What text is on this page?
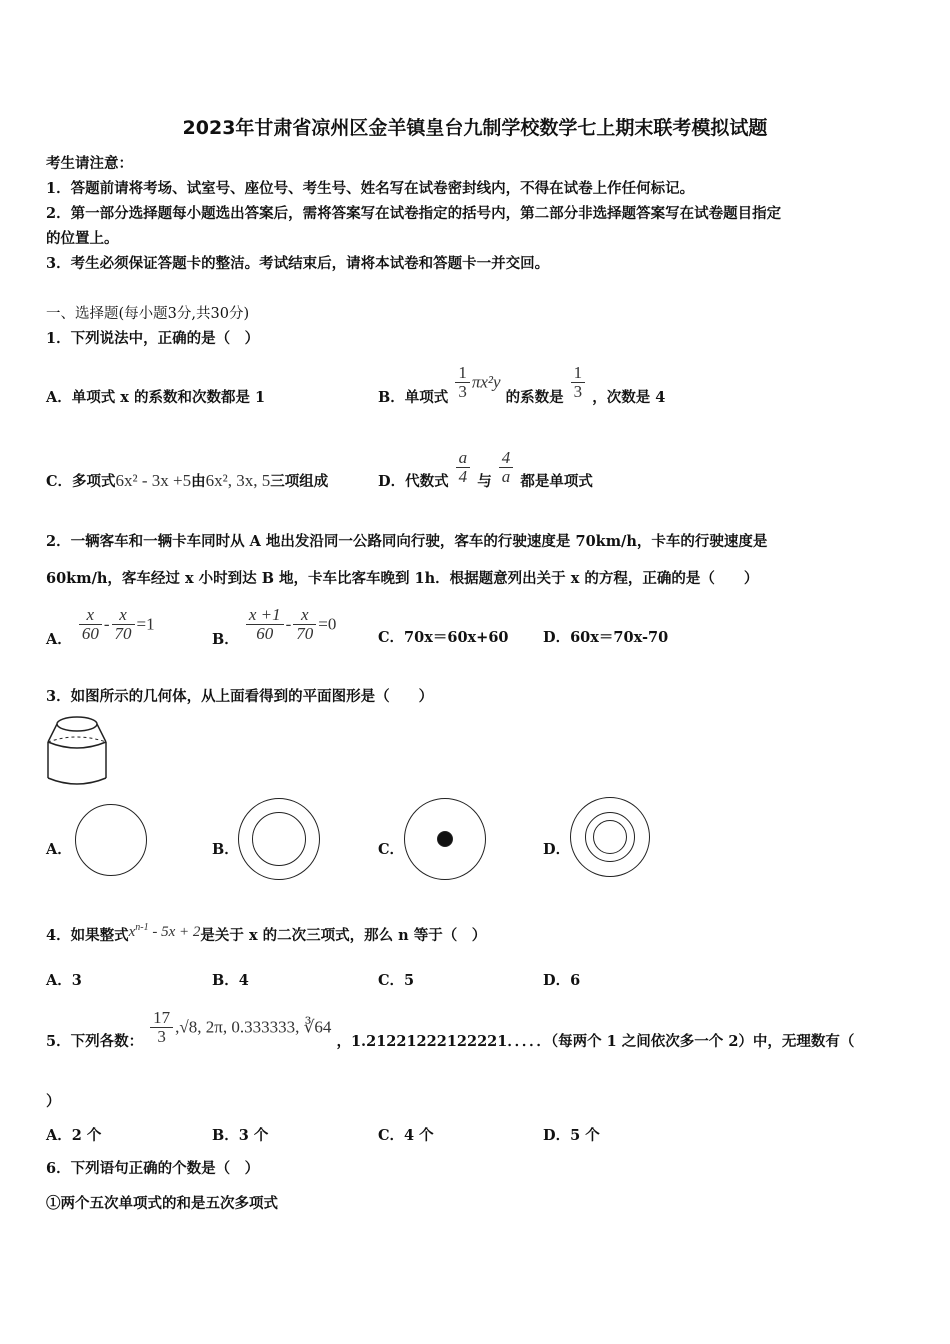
2023年甘肃省凉州区金羊镇皇台九制学校数学七上期末联考模拟试题
考生请注意：
1．答题前请将考场、试室号、座位号、考生号、姓名写在试卷密封线内，不得在试卷上作任何标记。
2．第一部分选择题每小题选出答案后，需将答案写在试卷指定的括号内，第二部分非选择题答案写在试卷题目指定
的位置上。
3．考生必须保证答题卡的整洁。考试结束后，请将本试卷和答题卡一并交回。
一、选择题(每小题3分,共30分)
1．下列说法中，正确的是（　）
A．单项式 x 的系数和次数都是 1	B．单项式 $\frac{1}{3} \pi x^2y$ 的系数是 $\frac{1}{3}$ ，次数是 4
C．多项式6x² - 3x +5由6x², 3x, 5三项组成	D．代数式 $\frac{a}{4}$ 与 $\frac{4}{a}$ 都是单项式
2．一辆客车和一辆卡车同时从 A 地出发沿同一公路同向行驶，客车的行驶速度是 70km/h，卡车的行驶速度是
60km/h，客车经过 x 小时到达 B 地，卡车比客车晚到 1h．根据题意列出关于 x 的方程，正确的是（　　）
A． $\frac{x}{60} - \frac{x}{70} =1$
B． $\frac{x +1}{60} - \frac{x}{70} =0$
C．70x＝60x+60 D．60x＝70x-70
3．如图所示的几何体，从上面看得到的平面图形是（　　）
A．	B．	C．	D．
4．如果整式$x^{n-1} - 5x + 2$是关于 x 的二次三项式，那么 n 等于（　）
A．3	B．4	C．5	D．6
5．下列各数： $\frac{17}{3} ,√8$, 2π, 0.333333, ∛64 ，1.21221222122221．．．．．（每两个 1 之间依次多一个 2）中，无理数有（
）
A．2 个	B．3 个	C．4 个	D．5 个
6．下列语句正确的个数是（　）
①两个五次单项式的和是五次多项式
